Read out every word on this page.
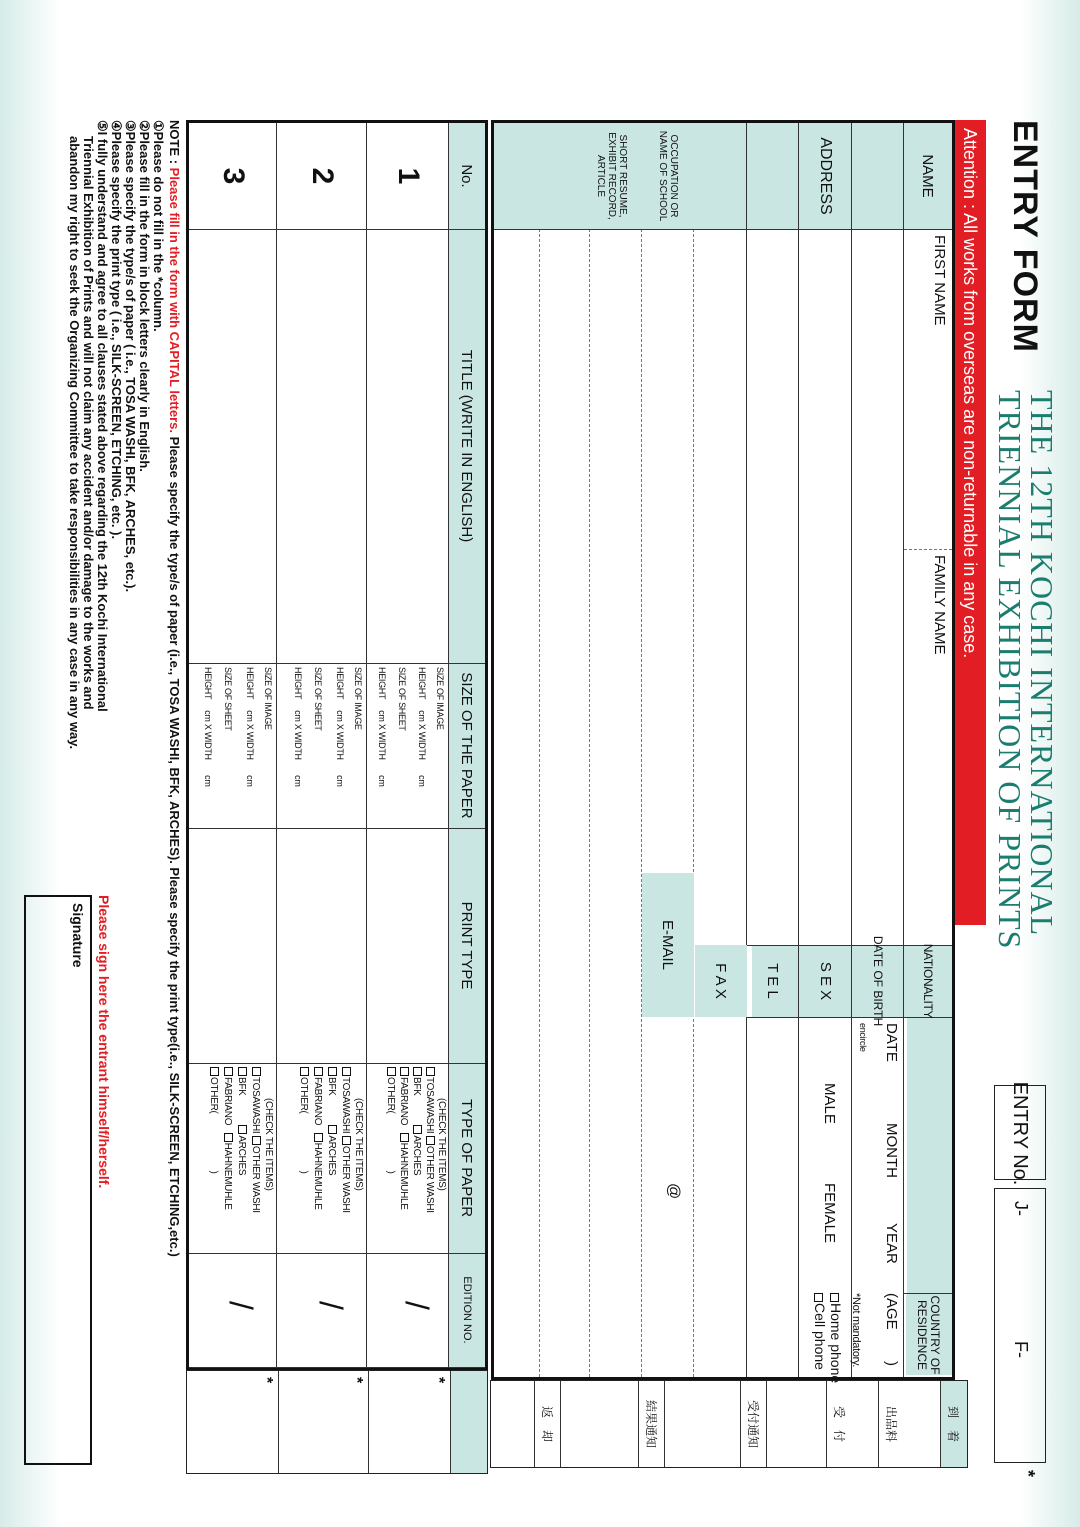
ENTRY FORM
THE 12TH KOCHI INTERNATIONAL
TRIENNIAL EXHIBITION OF PRINTS
ENTRY No.
J-
F-
*
Attention : All works from overseas are non-returnable in any case.
NAME
FIRST NAME
FAMILY NAME
NATIONALITY
COUNTRY OF RESIDENCE
ADDRESS
DATE OF BIRTH
DATE
MONTH
YEAR
(AGE
)
S E X
encircle
MALE
FEMALE
*Not mandatory.
T E L
Home phone
Cell phone
F A X
OCCUPATION OR NAME OF SCHOOL
E-MAIL
@
SHORT RESUME, EXHIBIT RECORD, ARTICLE
到　着
出品料
受　付
受付通知
結果通知
返　却
No.
TITLE (WRITE IN ENGLISH)
SIZE OF THE PAPER
PRINT TYPE
TYPE OF PAPER
EDITION NO.
1
SIZE OF IMAGE
HEIGHT     cm X WIDTH       cm
SIZE OF SHEET
HEIGHT     cm X WIDTH       cm
(CHECK THE ITEMS)
TOSAWASHI OTHER WASHI
BFK            ARCHES
FABRIANO   HAHNEMUHLE
OTHER(                       )
/
2
SIZE OF IMAGE
HEIGHT     cm X WIDTH       cm
SIZE OF SHEET
HEIGHT     cm X WIDTH       cm
(CHECK THE ITEMS)
TOSAWASHI OTHER WASHI
BFK            ARCHES
FABRIANO   HAHNEMUHLE
OTHER(                       )
/
3
SIZE OF IMAGE
HEIGHT     cm X WIDTH       cm
SIZE OF SHEET
HEIGHT     cm X WIDTH       cm
(CHECK THE ITEMS)
TOSAWASHI OTHER WASHI
BFK            ARCHES
FABRIANO   HAHNEMUHLE
OTHER(                       )
/
*
*
*
NOTE : Please fill in the form with CAPITAL letters. Please specify the type/s of paper (i.e., TOSA WASHI, BFK, ARCHES). Please specify the print type(i.e., SILK-SCREEN, ETCHING,etc.)
①Please do not fill in the *column.
②Please fill in the form in block letters clearly in English.
③Please specify the type/s of paper ( i.e., TOSA WASHI, BFK, ARCHES, etc.).
④Please specify the print type ( i.e., SILK-SCREEN, ETCHING, etc. ).
⑤I fully understand and agree to all clauses stated above regarding the 12th Kochi International
Triennial Exhibition of Prints and will not claim any accident and/or damage to the works and
abandon my right to seek the Organizing Committee to take responsibilities in any case in any way.
Please sign here the entrant himself/herself.
Signature
